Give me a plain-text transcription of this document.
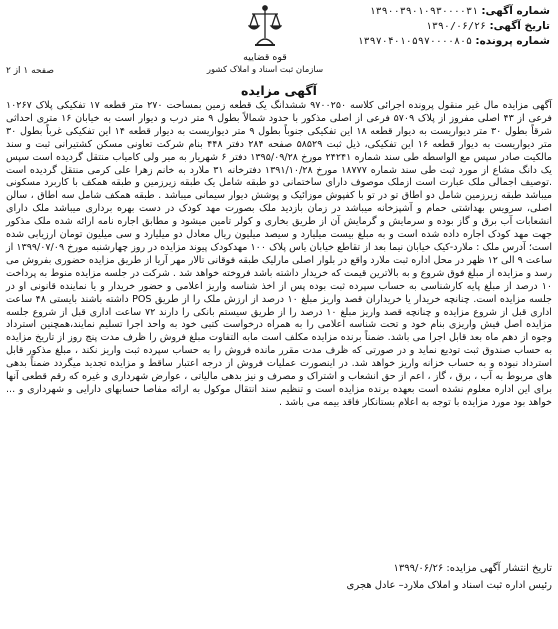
شماره آگهی: ۱۳۹۰۰۳۹۰۱۰۹۳۰۰۰۰۳۱
تاریخ آگهی: ۱۳۹۰/۰۶/۲۶
شماره پرونده: ۱۳۹۷۰۴۰۱۰۵۹۷۰۰۰۰۸۰۵
قوه قضاییه
سازمان ثبت اسناد و املاک کشور
صفحه ۱ از ۲
آگهی مزایده

آگهی مزایده مال غیر منقول پرونده اجرائی کلاسه ۹۷۰۰۲۵۰ ششدانگ یک قطعه زمین بمساحت ۲۷۰ متر قطعه ۱۷ تفکیکی پلاک ۱۰۲۶۷ فرعی از ۴۳ اصلی مفروز از پلاک ۵۷۰۹ فرعی از اصلی مذکور با حدود شمالاً بطول ۹ متر درب و دیوار است به خیابان ۱۶ متری احداثی شرقاً بطول ۳۰ متر دیواریست به دیوار قطعه ۱۸ این تفکیکی جنوباً بطول ۹ متر دیواریست به دیوار قطعه ۱۴ این تفکیکی غرباً بطول ۳۰ متر دیواریست به دیوار قطعه ۱۶ این تفکیکی، ذیل ثبت ۵۸۵۲۹ صفحه ۲۸۴ دفتر ۴۴۸ بنام شرکت تعاونی مسکن کشتیرانی ثبت و سند مالکیت صادر سپس مع الواسطه طی سند شماره ۲۴۲۴۱ مورخ ۱۳۹۵/۰۹/۲۸ دفتر ۶ شهریار به میر ولی کامیاب منتقل گردیده است سپس یک دانگ مشاع از مورد ثبت طی سند شماره ۱۸۷۷۷ مورخ ۱۳۹۱/۱۰/۲۸ دفترخانه ۳۱ ملارد به خانم زهرا علی کرمی منتقل گردیده است .توصیف اجمالی ملک عبارت است ازملک موصوف دارای ساختمانی دو طبقه شامل یک طبقه زیرزمین و طبقه همکف با کاربرد مسکونی میباشد طبقه زیرزمین شامل دو اطاق تو در تو با کفپوش موزائیک و پوشش دیوار سیمانی میباشد . طبقه همکف شامل سه اطاق ، سالن اصلی، سرویس بهداشتی حمام و آشپزخانه میباشد در زمان بازدید ملک بصورت مهد کودک در دست بهره برداری میباشد ملک دارای انشعابات آب برق و گاز بوده و سرمایش و گرمایش آن از طریق بخاری و کولر تامین میشود و مطابق اجاره نامه ارائه شده ملک مذکور جهت مهد کودک اجاره داده شده است و به مبلغ بیست میلیارد و سیصد میلیون ریال معادل دو میلیارد و سی میلیون تومان ارزیابی شده است؛ آدرس ملک : ملارد-کیک خیابان نیما بعد از تقاطع خیابان یاس پلاک ۱۰۰ مهدکودک پیوند مزایده در روز چهارشنبه مورخ ۱۳۹۹/۰۷/۰۹ از ساعت ۹ الی ۱۲ ظهر در محل اداره ثبت ملارد واقع در بلوار اصلی مارلیک طبقه فوقانی تالار مهر آریا از طریق مزایده حضوری بفروش می رسد و مزایده از مبلغ فوق شروع و به بالاترین قیمت که خریدار داشته باشد فروخته خواهد شد . شرکت در جلسه مزایده منوط به پرداخت ۱۰ درصد از مبلغ پایه کارشناسی به حساب سپرده ثبت بوده پس از اخذ شناسه واریز اعلامی و حضور خریدار و یا نماینده قانونی او در جلسه مزایده است. چنانچه خریدار یا خریداران قصد واریز مبلغ ۱۰ درصد از ارزش ملک را از طریق POS داشته باشند بایستی ۴۸ ساعت اداری قبل از شروع مزایده و چنانچه قصد واریز مبلغ ۱۰ درصد را از طریق سیستم بانکی را دارند ۷۲ ساعت اداری قبل از شروع جلسه مزایده اصل فیش واریزی بنام خود و تحت شناسه اعلامی را به همراه درخواست کتبی خود به واحد اجرا تسلیم نمایند،همچنین استرداد وجوه از دهم ماه بعد قابل اجرا می باشد. ضمناً برنده مزایده مکلف است مابه التفاوت مبلغ فروش را ظرف مدت پنج روز از تاریخ مزایده به حساب صندوق ثبت تودیع نماید و در صورتی که ظرف مدت مقرر مانده فروش را به حساب سپرده ثبت واریز نکند ، مبلغ مذکور قابل استرداد نبوده و به حساب خزانه واریز خواهد شد. در اینصورت عملیات فروش از درجه اعتبار ساقط و مزایده تجدید میگردد ضمناً بدهی های مربوط به آب ، برق ، گاز ، اعم از حق انشعاب و اشتراک و مصرف و نیز بدهی مالیاتی ، عوارض شهرداری و غیره که رقم قطعی آنها برای این اداره معلوم نشده است بعهده برنده مزایده است و تنظیم سند انتقال موکول به ارائه مفاصا حسابهای دارایی و شهرداری و ... خواهد بود مورد مزایده با توجه به اعلام بستانکار فاقد بیمه می باشد .

تاریخ انتشار آگهی مزایده: ۱۳۹۹/۰۶/۲۶
رئیس اداره ثبت اسناد و املاک ملارد– عادل هجری
